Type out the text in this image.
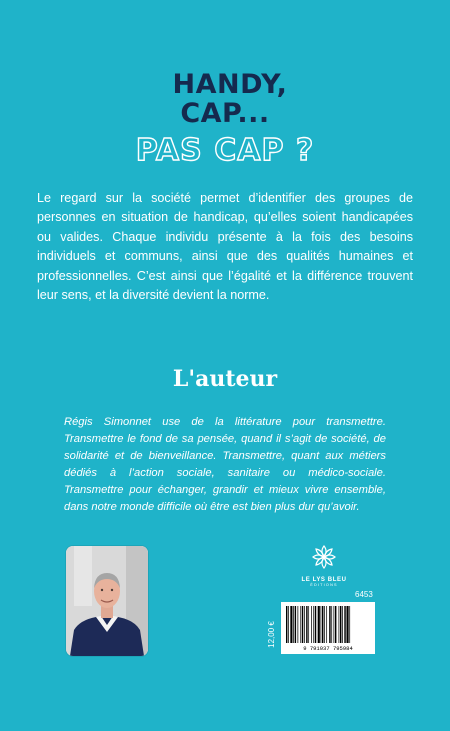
HANDY,
CAP...
PAS CAP ?

Le regard sur la société permet d’identifier des groupes de personnes en situation de handicap, qu’elles soient handicapées ou valides. Chaque individu présente à la fois des besoins individuels et communs, ainsi que des qualités humaines et professionnelles. C’est ainsi que l’égalité et la différence trouvent leur sens, et la diversité devient la norme.

L'auteur

Régis Simonnet use de la littérature pour transmettre. Transmettre le fond de sa pensée, quand il s’agit de société, de solidarité et de bienveillance. Transmettre, quant aux métiers dédiés à l’action sociale, sanitaire ou médico-sociale. Transmettre pour échanger, grandir et mieux vivre ensemble, dans notre monde difficile où être est bien plus dur qu’avoir.

LE LYS BLEU
ÉDITIONS
6453
12,00 €
9 791037 795984
